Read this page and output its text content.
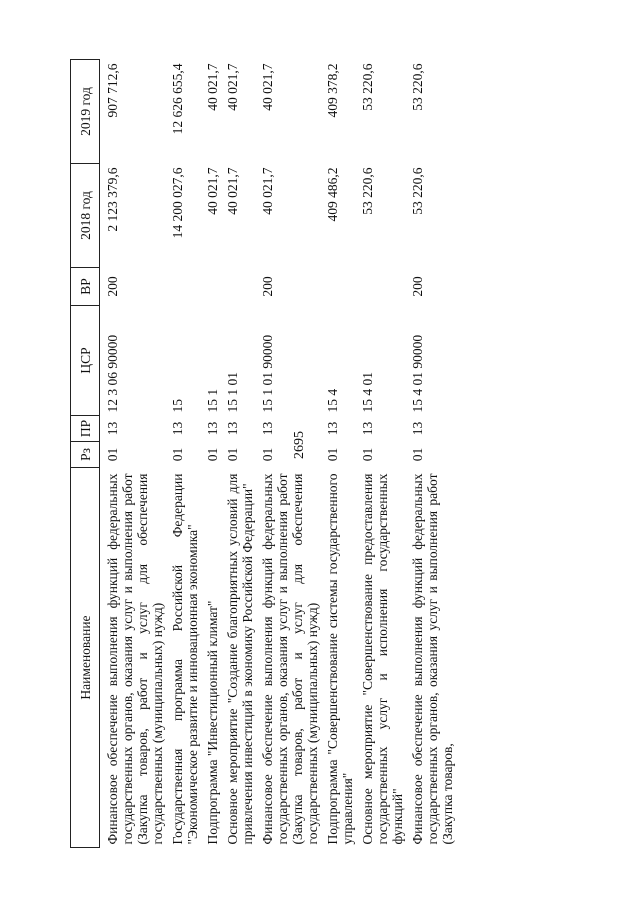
2695
Наименование	Рз	ПР	ЦСР	ВР	2018 год	2019 год
Финансовое обеспечение выполнения функций федеральных государственных органов, оказания услуг и выполнения работ (Закупка товаров, работ и услуг для обеспечения государственных (муниципальных) нужд)	01	13	12 3 06 90000	200	2 123 379,6	907 712,6
Государственная программа Российской Федерации "Экономическое развитие и инновационная экономика"	01	13	15		14 200 027,6	12 626 655,4
Подпрограмма "Инвестиционный климат"	01	13	15 1		40 021,7	40 021,7
Основное мероприятие "Создание благоприятных условий для привлечения инвестиций в экономику Российской Федерации"	01	13	15 1 01		40 021,7	40 021,7
Финансовое обеспечение выполнения функций федеральных государственных органов, оказания услуг и выполнения работ (Закупка товаров, работ и услуг для обеспечения государственных (муниципальных) нужд)	01	13	15 1 01 90000	200	40 021,7	40 021,7
Подпрограмма "Совершенствование системы государственного управления"	01	13	15 4		409 486,2	409 378,2
Основное мероприятие "Совершенствование предоставления государственных услуг и исполнения государственных функций"	01	13	15 4 01		53 220,6	53 220,6
Финансовое обеспечение выполнения функций федеральных государственных органов, оказания услуг и выполнения работ (Закупка товаров,	01	13	15 4 01 90000	200	53 220,6	53 220,6
